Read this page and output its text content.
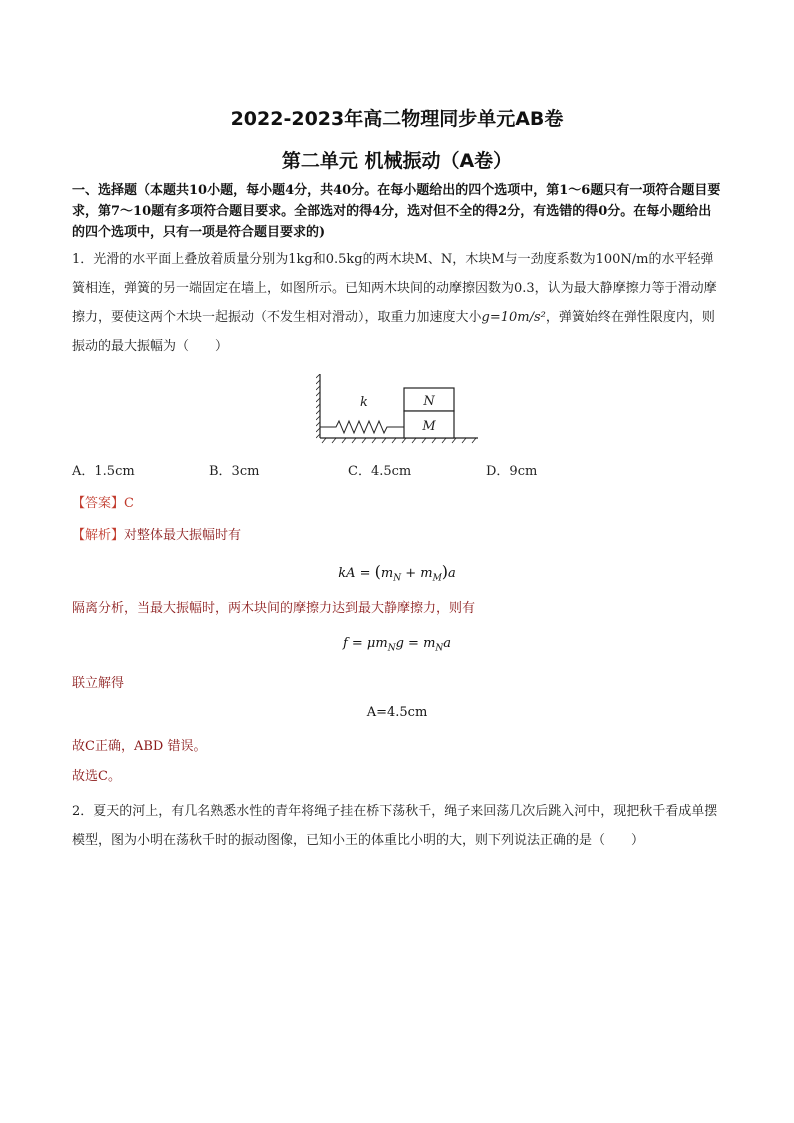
2022-2023年高二物理同步单元AB卷
第二单元 机械振动（A卷）
一、选择题（本题共10小题，每小题4分，共40分。在每小题给出的四个选项中，第1～6题只有一项符合题目要求，第7～10题有多项符合题目要求。全部选对的得4分，选对但不全的得2分，有选错的得0分。在每小题给出的四个选项中，只有一项是符合题目要求的)
1．光滑的水平面上叠放着质量分别为1kg和0.5kg的两木块M、N，木块M与一劲度系数为100N/m的水平轻弹簧相连，弹簧的另一端固定在墙上，如图所示。已知两木块间的动摩擦因数为0.3，认为最大静摩擦力等于滑动摩擦力，要使这两个木块一起振动（不发生相对滑动），取重力加速度大小g=10m/s²，弹簧始终在弹性限度内，则振动的最大振幅为（　　）
k	N
M
A．1.5cm	B．3cm	C．4.5cm	D．9cm
【答案】C
【解析】对整体最大振幅时有
kA = $(m_N + m_M)a$
隔离分析，当最大振幅时，两木块间的摩擦力达到最大静摩擦力，则有
$f = \mu m_Ng = m_Na$
联立解得
A=4.5cm
故C正确，ABD 错误。
故选C。
2．夏天的河上，有几名熟悉水性的青年将绳子挂在桥下荡秋千，绳子来回荡几次后跳入河中，现把秋千看成单摆模型，图为小明在荡秋千时的振动图像，已知小王的体重比小明的大，则下列说法正确的是（　　）
